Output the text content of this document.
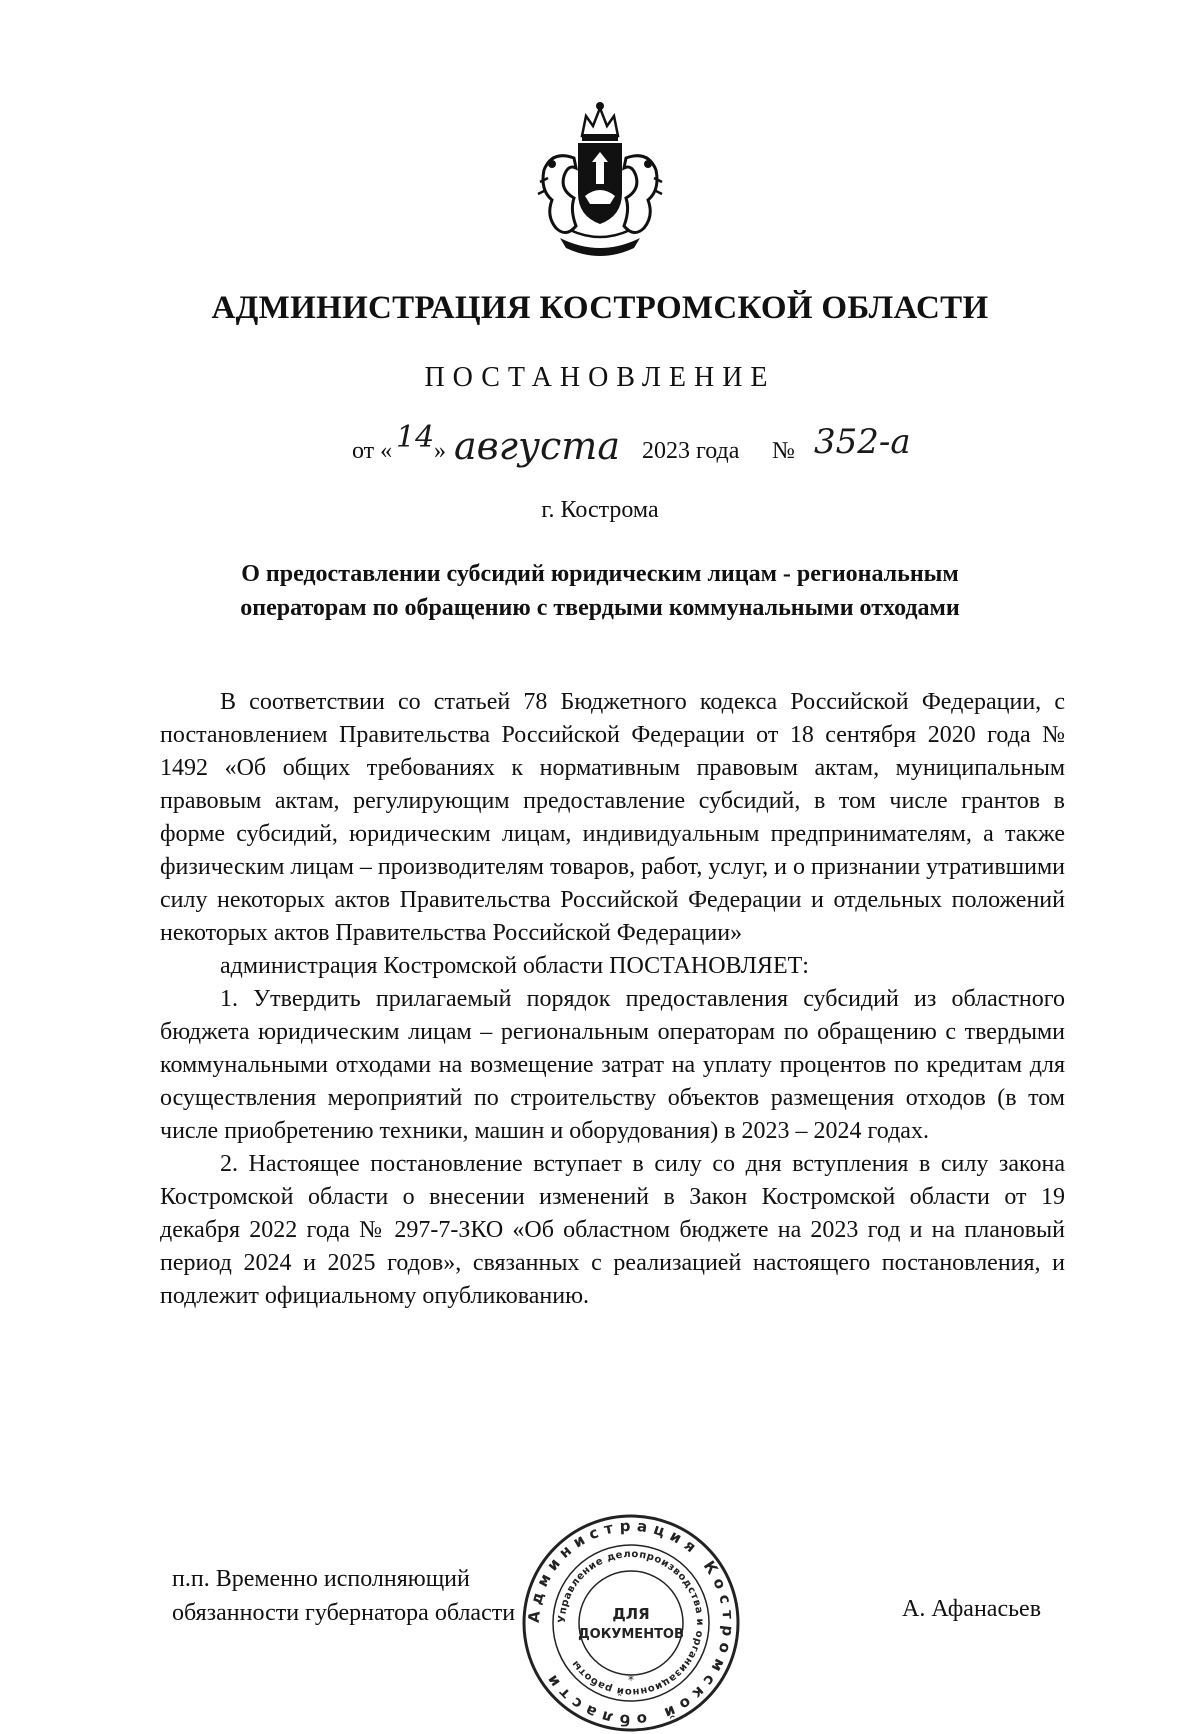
АДМИНИСТРАЦИЯ КОСТРОМСКОЙ ОБЛАСТИ
ПОСТАНОВЛЕНИЕ
от « 14 » августа 2023 года № 352-а
г. Кострома
О предоставлении субсидий юридическим лицам - региональным
операторам по обращению с твердыми коммунальными отходами

В соответствии со статьей 78 Бюджетного кодекса Российской Федерации, с постановлением Правительства Российской Федерации от 18 сентября 2020 года № 1492 «Об общих требованиях к нормативным правовым актам, муниципальным правовым актам, регулирующим предоставление субсидий, в том числе грантов в форме субсидий, юридическим лицам, индивидуальным предпринимателям, а также физическим лицам – производителям товаров, работ, услуг, и о признании утратившими силу некоторых актов Правительства Российской Федерации и отдельных положений некоторых актов Правительства Российской Федерации»

администрация Костромской области ПОСТАНОВЛЯЕТ:

1. Утвердить прилагаемый порядок предоставления субсидий из областного бюджета юридическим лицам – региональным операторам по обращению с твердыми коммунальными отходами на возмещение затрат на уплату процентов по кредитам для осуществления мероприятий по строительству объектов размещения отходов (в том числе приобретению техники, машин и оборудования) в 2023 – 2024 годах.

2. Настоящее постановление вступает в силу со дня вступления в силу закона Костромской области о внесении изменений в Закон Костромской области от 19 декабря 2022 года № 297-7-ЗКО «Об областном бюджете на 2023 год и на плановый период 2024 и 2025 годов», связанных с реализацией настоящего постановления, и подлежит официальному опубликованию.

п.п. Временно исполняющий
обязанности губернатора области	А. Афанасьев
Администрация Костромской области
Управление делопроизводства и организационной работы
ДЛЯ
ДОКУМЕНТОВ
*
